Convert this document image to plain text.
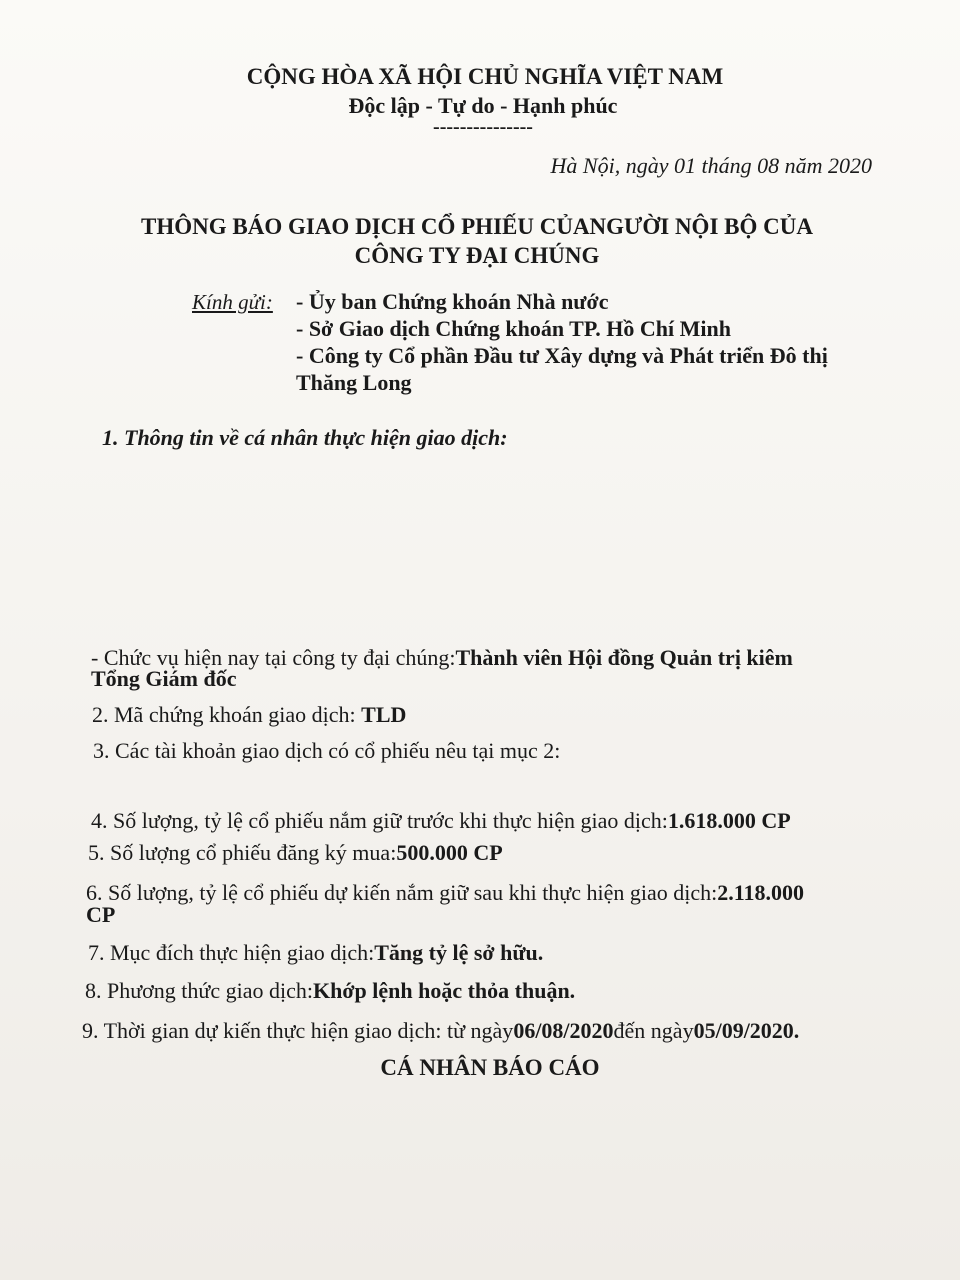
CỘNG HÒA XÃ HỘI CHỦ NGHĨA VIỆT NAM
Độc lập - Tự do - Hạnh phúc
---------------
Hà Nội, ngày 01 tháng 08 năm 2020
THÔNG BÁO GIAO DỊCH CỔ PHIẾU CỦANGƯỜI NỘI BỘ CỦA
CÔNG TY ĐẠI CHÚNG
Kính gửi: - Ủy ban Chứng khoán Nhà nước
- Sở Giao dịch Chứng khoán TP. Hồ Chí Minh
- Công ty Cổ phần Đầu tư Xây dựng và Phát triển Đô thị
Thăng Long
1. Thông tin về cá nhân thực hiện giao dịch:
- Chức vụ hiện nay tại công ty đại chúng:Thành viên Hội đồng Quản trị kiêm
Tổng Giám đốc
2. Mã chứng khoán giao dịch: TLD
3. Các tài khoản giao dịch có cổ phiếu nêu tại mục 2:
4. Số lượng, tỷ lệ cổ phiếu nắm giữ trước khi thực hiện giao dịch:1.618.000 CP
5. Số lượng cổ phiếu đăng ký mua:500.000 CP
6. Số lượng, tỷ lệ cổ phiếu dự kiến nắm giữ sau khi thực hiện giao dịch:2.118.000
CP
7. Mục đích thực hiện giao dịch:Tăng tỷ lệ sở hữu.
8. Phương thức giao dịch:Khớp lệnh hoặc thỏa thuận.
9. Thời gian dự kiến thực hiện giao dịch: từ ngày06/08/2020đến ngày05/09/2020.
CÁ NHÂN BÁO CÁO
